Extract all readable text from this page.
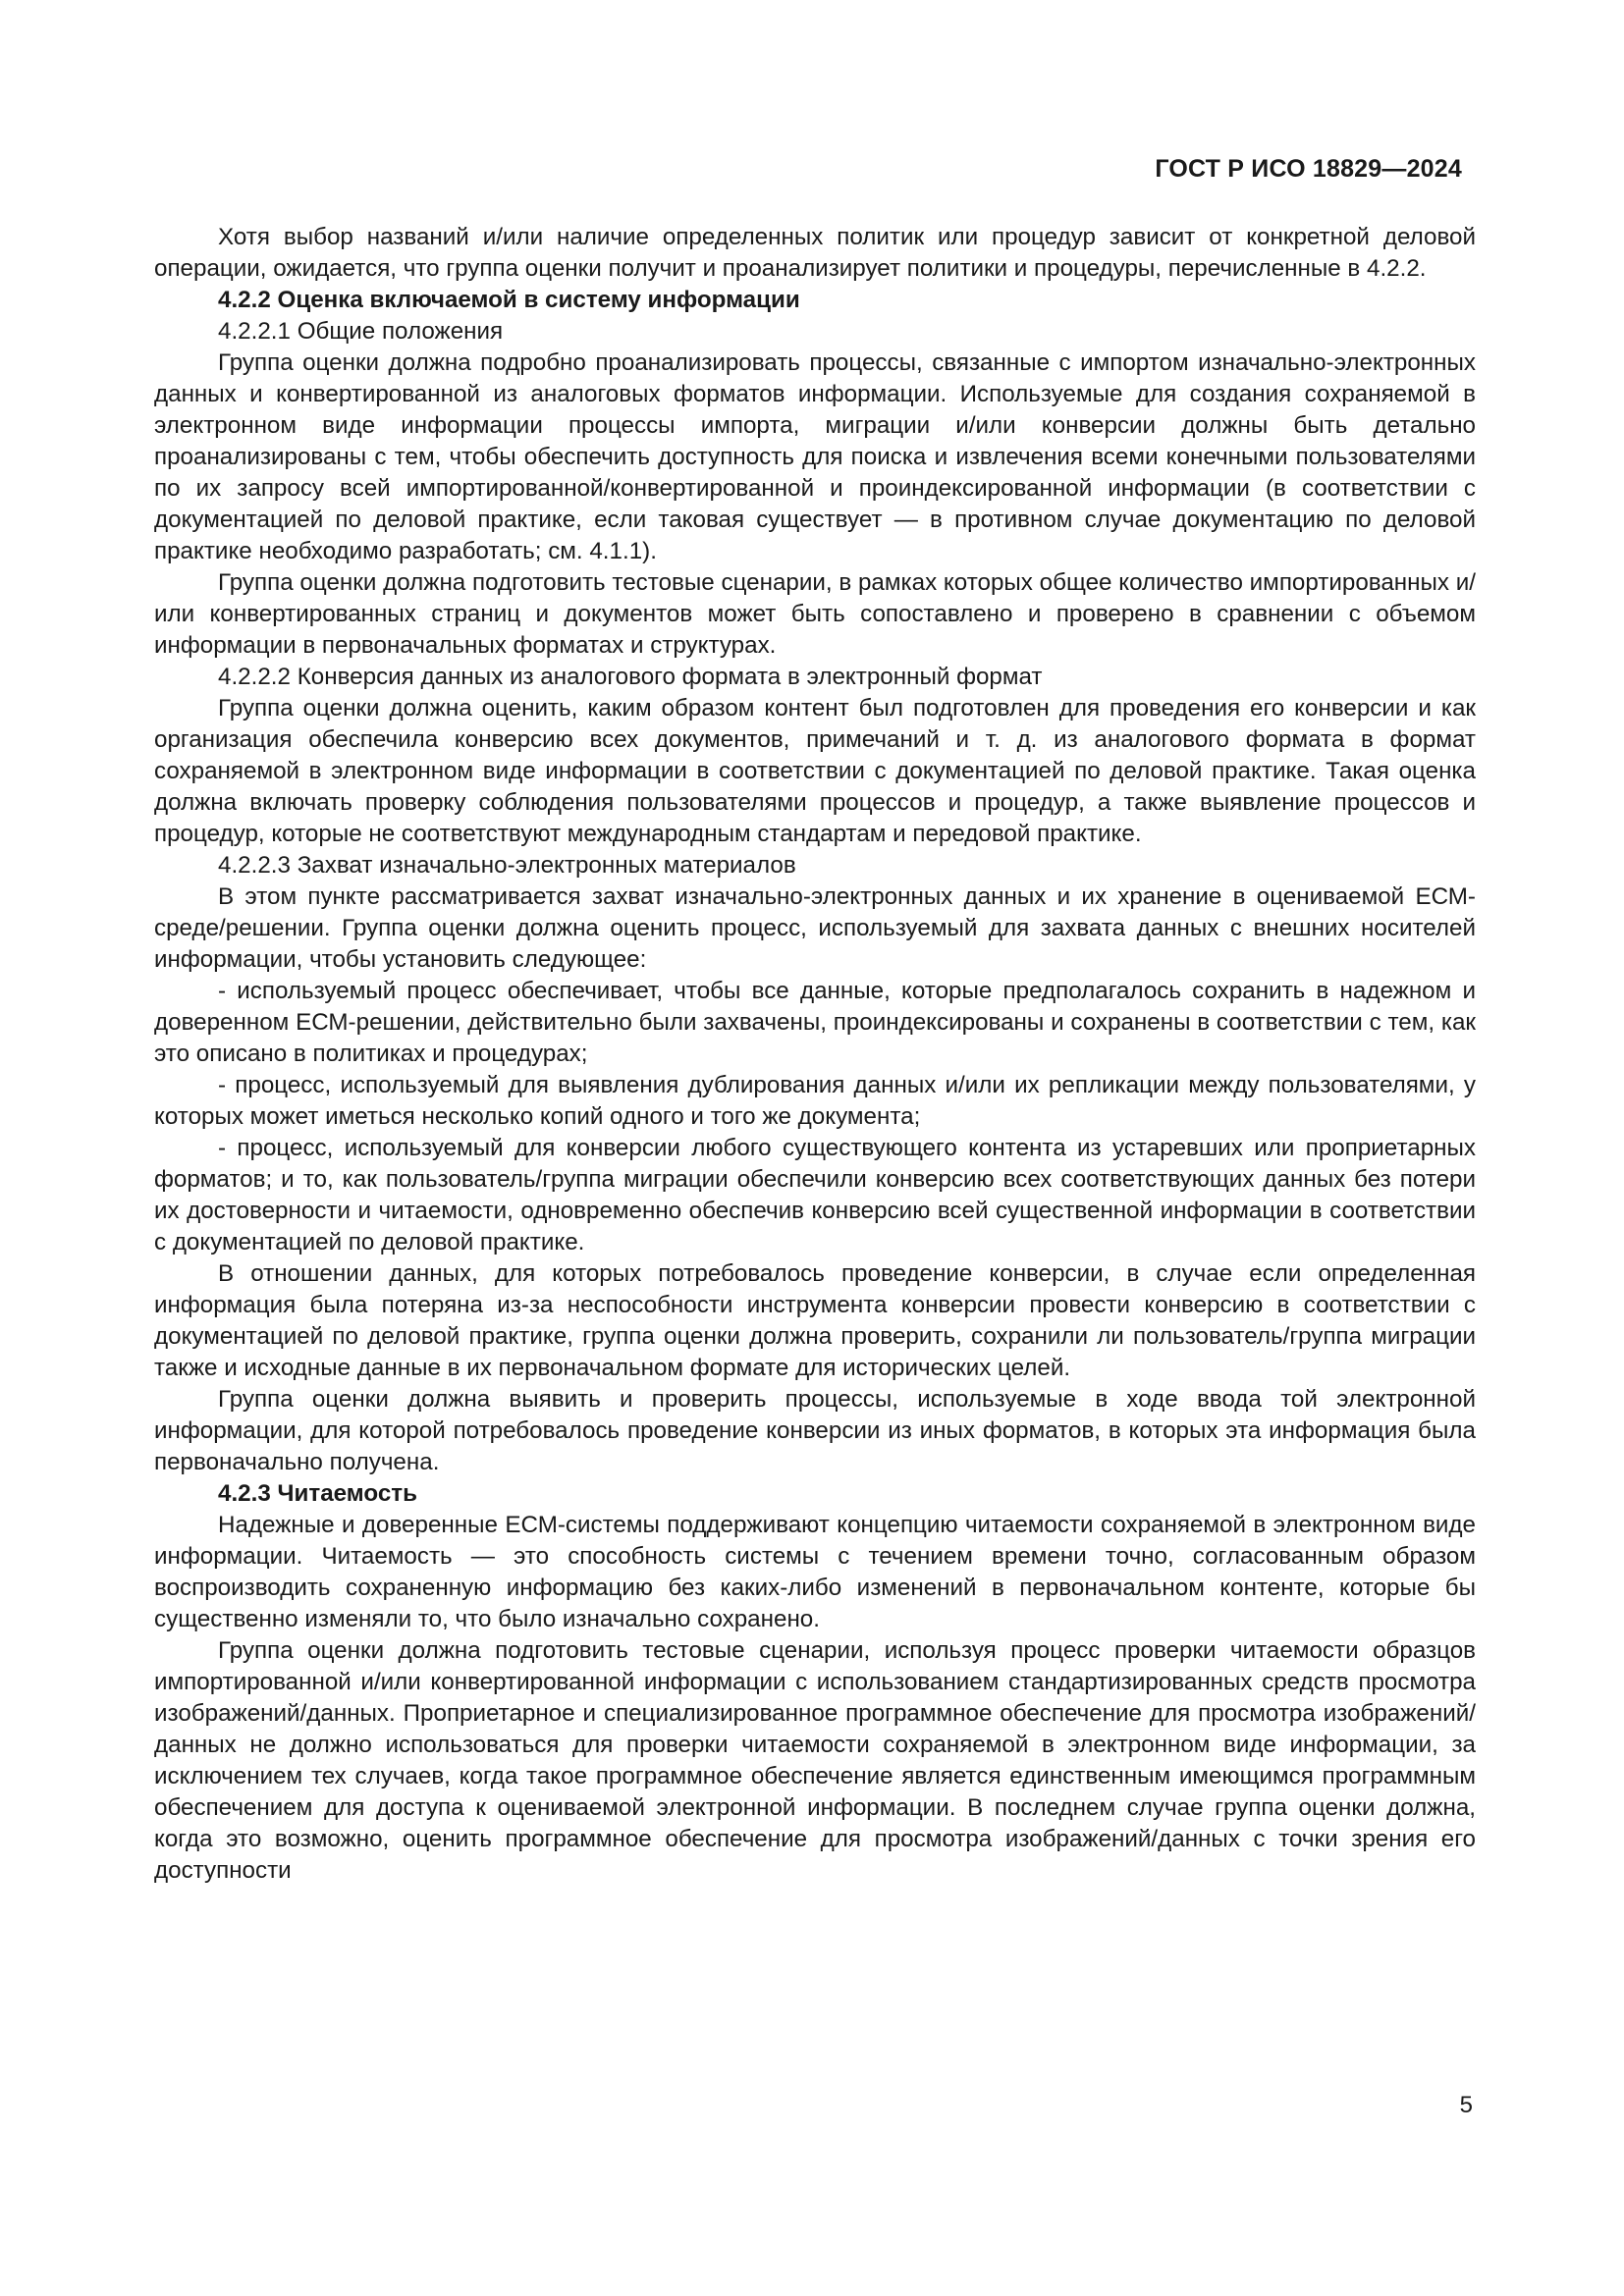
ГОСТ Р ИСО 18829—2024

Хотя выбор названий и/или наличие определенных политик или процедур зависит от конкретной деловой операции, ожидается, что группа оценки получит и проанализирует политики и процедуры, перечисленные в 4.2.2.

4.2.2 Оценка включаемой в систему информации

4.2.2.1 Общие положения

Группа оценки должна подробно проанализировать процессы, связанные с импортом изначально-электронных данных и конвертированной из аналоговых форматов информации. Используемые для создания сохраняемой в электронном виде информации процессы импорта, миграции и/или конверсии должны быть детально проанализированы с тем, чтобы обеспечить доступность для поиска и извлечения всеми конечными пользователями по их запросу всей импортированной/конвертированной и проиндексированной информации (в соответствии с документацией по деловой практике, если таковая существует — в противном случае документацию по деловой практике необходимо разработать; см. 4.1.1).

Группа оценки должна подготовить тестовые сценарии, в рамках которых общее количество импортированных и/или конвертированных страниц и документов может быть сопоставлено и проверено в сравнении с объемом информации в первоначальных форматах и структурах.

4.2.2.2 Конверсия данных из аналогового формата в электронный формат

Группа оценки должна оценить, каким образом контент был подготовлен для проведения его конверсии и как организация обеспечила конверсию всех документов, примечаний и т. д. из аналогового формата в формат сохраняемой в электронном виде информации в соответствии с документацией по деловой практике. Такая оценка должна включать проверку соблюдения пользователями процессов и процедур, а также выявление процессов и процедур, которые не соответствуют международным стандартам и передовой практике.

4.2.2.3 Захват изначально-электронных материалов

В этом пункте рассматривается захват изначально-электронных данных и их хранение в оцениваемой ЕСМ-среде/решении. Группа оценки должна оценить процесс, используемый для захвата данных с внешних носителей информации, чтобы установить следующее:

- используемый процесс обеспечивает, чтобы все данные, которые предполагалось сохранить в надежном и доверенном ЕСМ-решении, действительно были захвачены, проиндексированы и сохранены в соответствии с тем, как это описано в политиках и процедурах;

- процесс, используемый для выявления дублирования данных и/или их репликации между пользователями, у которых может иметься несколько копий одного и того же документа;

- процесс, используемый для конверсии любого существующего контента из устаревших или проприетарных форматов; и то, как пользователь/группа миграции обеспечили конверсию всех соответствующих данных без потери их достоверности и читаемости, одновременно обеспечив конверсию всей существенной информации в соответствии с документацией по деловой практике.

В отношении данных, для которых потребовалось проведение конверсии, в случае если определенная информация была потеряна из-за неспособности инструмента конверсии провести конверсию в соответствии с документацией по деловой практике, группа оценки должна проверить, сохранили ли пользователь/группа миграции также и исходные данные в их первоначальном формате для исторических целей.

Группа оценки должна выявить и проверить процессы, используемые в ходе ввода той электронной информации, для которой потребовалось проведение конверсии из иных форматов, в которых эта информация была первоначально получена.

4.2.3 Читаемость

Надежные и доверенные ЕСМ-системы поддерживают концепцию читаемости сохраняемой в электронном виде информации. Читаемость — это способность системы с течением времени точно, согласованным образом воспроизводить сохраненную информацию без каких-либо изменений в первоначальном контенте, которые бы существенно изменяли то, что было изначально сохранено.

Группа оценки должна подготовить тестовые сценарии, используя процесс проверки читаемости образцов импортированной и/или конвертированной информации с использованием стандартизированных средств просмотра изображений/данных. Проприетарное и специализированное программное обеспечение для просмотра изображений/данных не должно использоваться для проверки читаемости сохраняемой в электронном виде информации, за исключением тех случаев, когда такое программное обеспечение является единственным имеющимся программным обеспечением для доступа к оцениваемой электронной информации. В последнем случае группа оценки должна, когда это возможно, оценить программное обеспечение для просмотра изображений/данных с точки зрения его доступности

5
